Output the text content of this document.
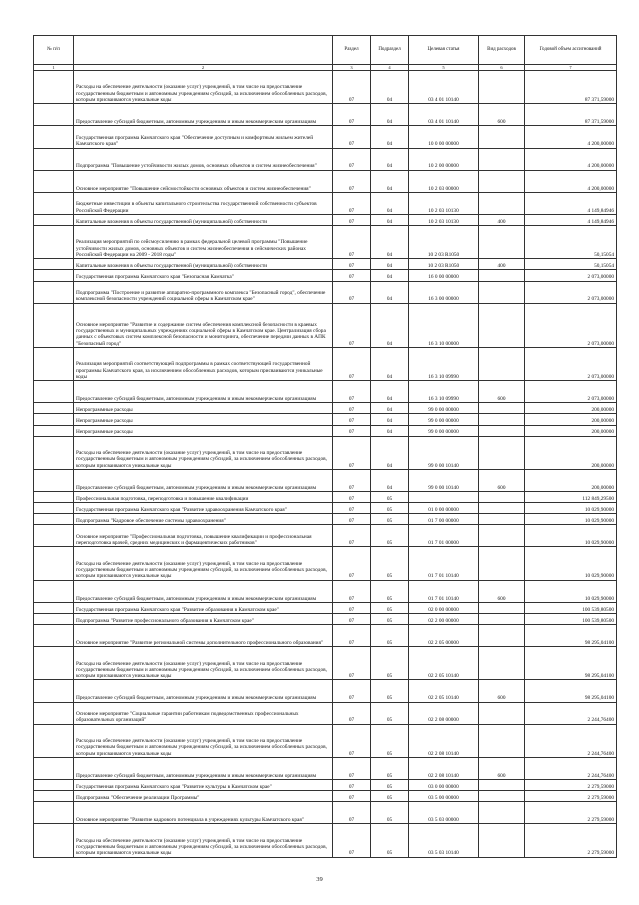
№ п/п		Раздел	Подраздел	Целевая статья	Вид расходов	Годовой объем ассигнований
1	2	3	4	5	6	7
	Расходы на обеспечение деятельности (оказание услуг) учреждений, в том числе на предоставление государственным бюджетным и автономным учреждениям субсидий, за исключением обособленных расходов, которым присваиваются уникальные коды	07	04	03 4 01 10140		87 371,59000
	Предоставление субсидий бюджетным, автономным учреждениям и иным некоммерческим организациям	07	04	03 4 01 10140	600	87 371,59000
	Государственная программа Камчатского края "Обеспечение доступным и комфортным жильем жителей Камчатского края"	07	04	10 0 00 00000		4 200,00000
	Подпрограмма "Повышение устойчивости жилых домов, основных объектов и систем жизнеобеспечения"	07	04	10 2 00 00000		4 200,00000
	Основное мероприятие "Повышение сейсмостойкости основных объектов и систем жизнеобеспечения"	07	04	10 2 03 00000		4 200,00000
	Бюджетные инвестиции в объекты капитального строительства государственной собственности субъектов Российской Федерации	07	04	10 2 03 10130		4 149,84946
	Капитальные вложения в объекты государственной (муниципальной) собственности	07	04	10 2 03 10130	400	4 149,84946
	Реализация мероприятий по сейсмоусилению в рамках федеральной целевой программы "Повышение устойчивости жилых домов, основных объектов и систем жизнеобеспечения в сейсмических районах Российской Федерации на 2009 - 2018 годы"	07	04	10 2 03 R1050		50,15054
	Капитальные вложения в объекты государственной (муниципальной) собственности	07	04	10 2 03 R1050	400	50,15054
	Государственная программа Камчатского края "Безопасная Камчатка"	07	04	16 0 00 00000		2 073,00000
	Подпрограмма "Построение и развитие аппаратно-программного комплекса "Безопасный город", обеспечение комплексной безопасности учреждений социальной сферы в Камчатском крае"	07	04	16 3 00 00000		2 073,00000
	Основное мероприятие "Развитие и содержание систем обеспечения комплексной безопасности в краевых государственных и муниципальных учреждениях социальной сферы в Камчатском крае. Централизация сбора данных с объектовых систем комплексной безопасности и мониторинга, обеспечение передачи данных в АПК "Безопасный город"	07	04	16 3 10 00000		2 073,00000
	Реализация мероприятий соответствующей подпрограммы в рамках соответствующей государственной программы Камчатского края, за исключением обособленных расходов, которым присваиваются уникальные коды	07	04	16 3 10 09990		2 073,00000
	Предоставление субсидий бюджетным, автономным учреждениям и иным некоммерческим организациям	07	04	16 3 10 09990	600	2 073,00000
	Непрограммные расходы	07	04	99 0 00 00000		200,00000
	Непрограммные расходы	07	04	99 0 00 00000		200,00000
	Непрограммные расходы	07	04	99 0 00 00000		200,00000
	Расходы на обеспечение деятельности (оказание услуг) учреждений, в том числе на предоставление государственным бюджетным и автономным учреждениям субсидий, за исключением обособленных расходов, которым присваиваются уникальные коды	07	04	99 0 00 10140		200,00000
	Предоставление субсидий бюджетным, автономным учреждениям и иным некоммерческим организациям	07	04	99 0 00 10140	600	200,00000
	Профессиональная подготовка, переподготовка и повышение квалификации	07	05			112 849,29500
	Государственная программа Камчатского края "Развитие здравоохранения Камчатского края"	07	05	01 0 00 00000		10 029,90000
	Подпрограмма "Кадровое обеспечение системы здравоохранения"	07	05	01 7 00 00000		10 029,90000
	Основное мероприятие "Профессиональная подготовка, повышение квалификации и профессиональная переподготовка врачей, средних медицинских и фармацевтических работников"	07	05	01 7 01 00000		10 029,90000
	Расходы на обеспечение деятельности (оказание услуг) учреждений, в том числе на предоставление государственным бюджетным и автономным учреждениям субсидий, за исключением обособленных расходов, которым присваиваются уникальные коды	07	05	01 7 01 10140		10 029,90000
	Предоставление субсидий бюджетным, автономным учреждениям и иным некоммерческим организациям	07	05	01 7 01 10140	600	10 029,90000
	Государственная программа Камчатского края "Развитие образования в Камчатском крае"	07	05	02 0 00 00000		100 539,80500
	Подпрограмма "Развитие профессионального образования в Камчатском крае"	07	05	02 2 00 00000		100 539,80500
	Основное мероприятие "Развитие региональной системы дополнительного профессионального образования"	07	05	02 2 05 00000		98 295,04100
	Расходы на обеспечение деятельности (оказание услуг) учреждений, в том числе на предоставление государственным бюджетным и автономным учреждениям субсидий, за исключением обособленных расходов, которым присваиваются уникальные коды	07	05	02 2 05 10140		98 295,04100
	Предоставление субсидий бюджетным, автономным учреждениям и иным некоммерческим организациям	07	05	02 2 05 10140	600	98 295,04100
	Основное мероприятие "Социальные гарантии работникам подведомственных профессиональных образовательных организаций"	07	05	02 2 08 00000		2 244,76400
	Расходы на обеспечение деятельности (оказание услуг) учреждений, в том числе на предоставление государственным бюджетным и автономным учреждениям субсидий, за исключением обособленных расходов, которым присваиваются уникальные коды	07	05	02 2 08 10140		2 244,76400
	Предоставление субсидий бюджетным, автономным учреждениям и иным некоммерческим организациям	07	05	02 2 08 10140	600	2 244,76400
	Государственная программа Камчатского края "Развитие культуры в Камчатском крае"	07	05	03 0 00 00000		2 279,59000
	Подпрограмма "Обеспечение реализации Программы"	07	05	03 5 00 00000		2 279,59000
	Основное мероприятие "Развитие кадрового потенциала в учреждениях культуры Камчатского края"	07	05	03 5 03 00000		2 279,59000
	Расходы на обеспечение деятельности (оказание услуг) учреждений, в том числе на предоставление государственным бюджетным и автономным учреждениям субсидий, за исключением обособленных расходов, которым присваиваются уникальные коды	07	05	03 5 03 10140		2 279,59000
39
